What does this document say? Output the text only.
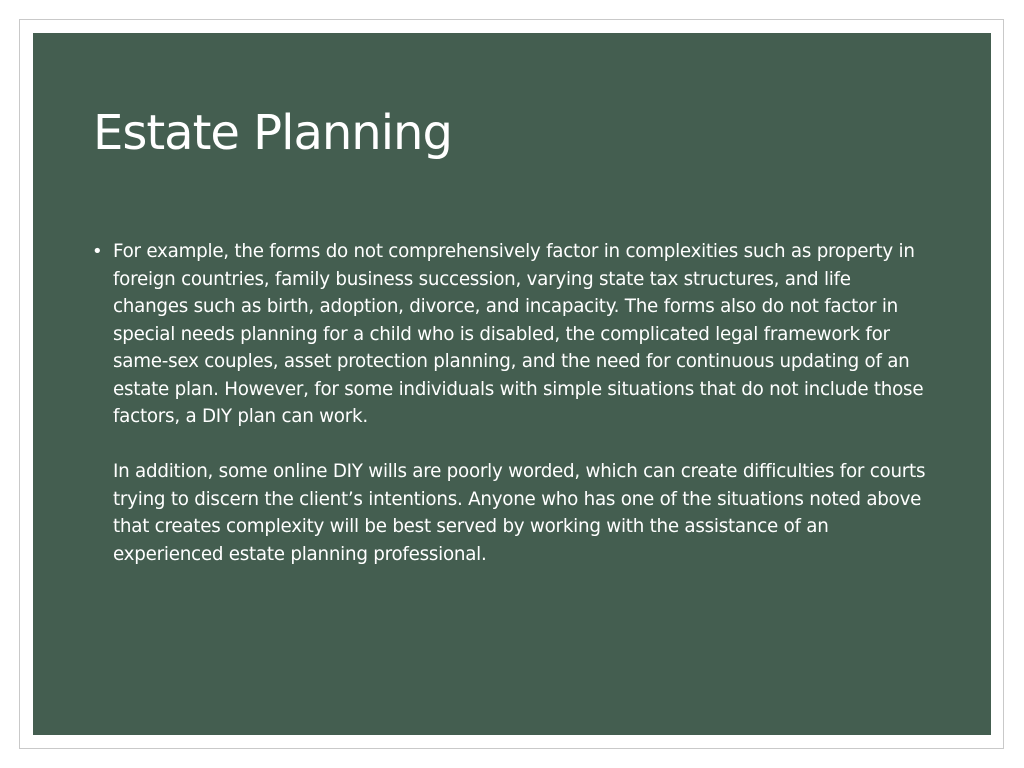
Estate Planning
• For example, the forms do not comprehensively factor in complexities such as property in foreign countries, family business succession, varying state tax structures, and life changes such as birth, adoption, divorce, and incapacity. The forms also do not factor in special needs planning for a child who is disabled, the complicated legal framework for same-sex couples, asset protection planning, and the need for continuous updating of an estate plan. However, for some individuals with simple situations that do not include those factors, a DIY plan can work.

In addition, some online DIY wills are poorly worded, which can create difficulties for courts trying to discern the client’s intentions. Anyone who has one of the situations noted above that creates complexity will be best served by working with the assistance of an experienced estate planning professional.
